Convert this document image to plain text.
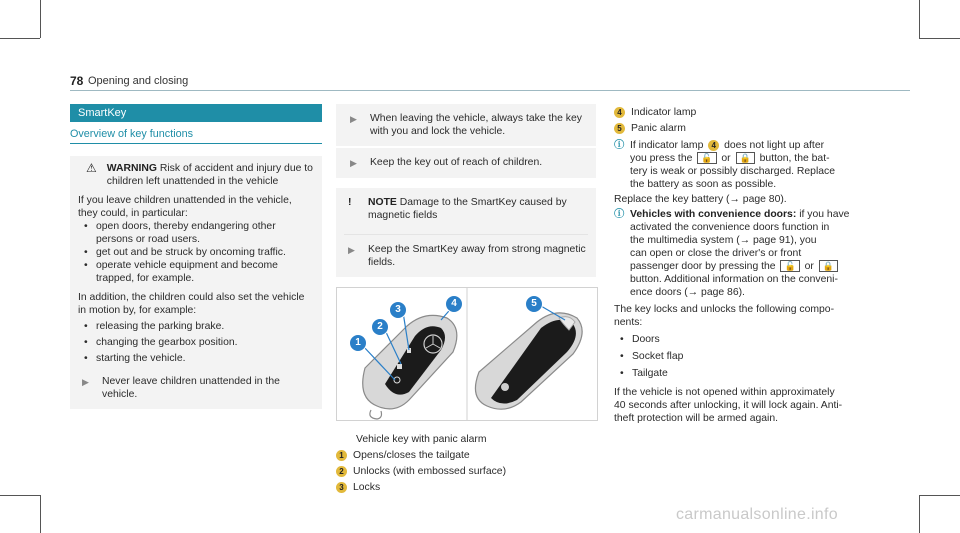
78 Opening and closing
SmartKey
Overview of key functions
⚠ WARNING Risk of accident and injury due to children left unattended in the vehicle

If you leave children unattended in the vehicle, they could, in particular:

• open doors, thereby endangering other persons or road users.
• get out and be struck by oncoming traffic.
• operate vehicle equipment and become trapped, for example.

In addition, the children could also set the vehicle in motion by, for example:

• releasing the parking brake.
• changing the gearbox position.
• starting the vehicle.
▶	Never leave children unattended in the vehicle.
▶	When leaving the vehicle, always take the key with you and lock the vehicle.
▶	Keep the key out of reach of children.
!	NOTE Damage to the SmartKey caused by magnetic fields
▶	Keep the SmartKey away from strong magnetic fields.
1
2
3
4	5
Vehicle key with panic alarm
1 Opens/closes the tailgate
2 Unlocks (with embossed surface)
3 Locks
4 Indicator lamp
5 Panic alarm
ⓘ If indicator lamp 4 does not light up after
you press the 🔓 or 🔒 button, the bat-
tery is weak or possibly discharged. Replace
the battery as soon as possible.
Replace the key battery (→ page 80).
ⓘ Vehicles with convenience doors: if you have
activated the convenience doors function in
the multimedia system (→ page 91), you
can open or close the driver's or front
passenger door by pressing the 🔓 or 🔒
button. Additional information on the conveni-
ence doors (→ page 86).
The key locks and unlocks the following compo-
nents:
• Doors
• Socket flap
• Tailgate
If the vehicle is not opened within approximately
40 seconds after unlocking, it will lock again. Anti-
theft protection will be armed again.
carmanualsonline.info
